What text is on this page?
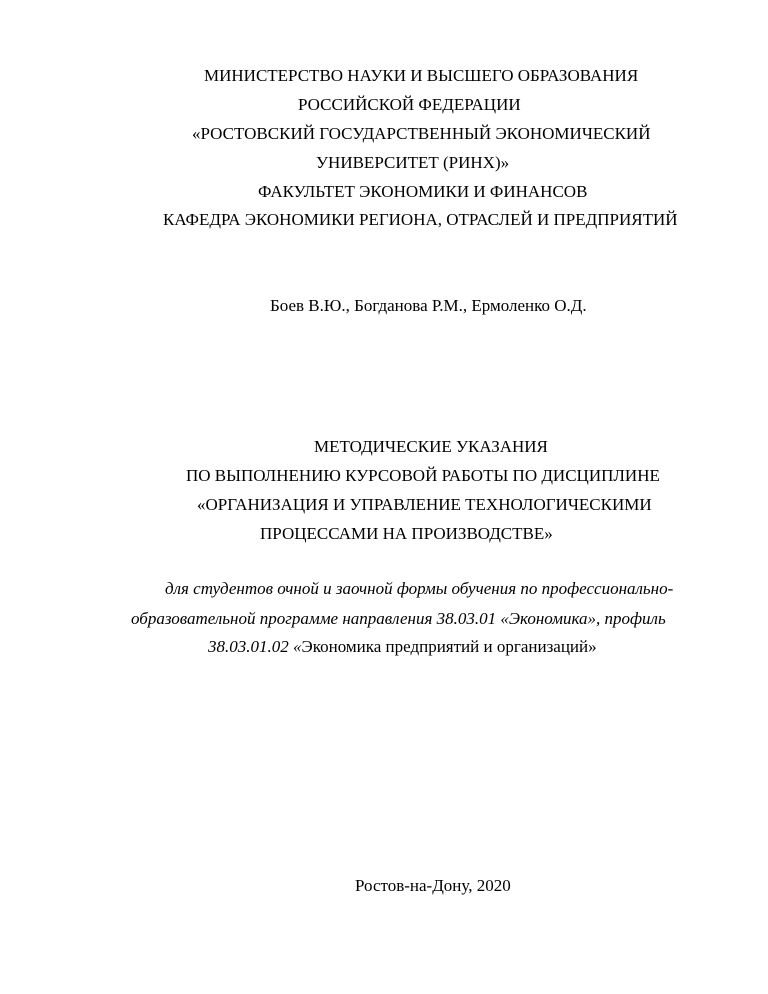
МИНИСТЕРСТВО НАУКИ И ВЫСШЕГО ОБРАЗОВАНИЯ
РОССИЙСКОЙ ФЕДЕРАЦИИ
«РОСТОВСКИЙ ГОСУДАРСТВЕННЫЙ ЭКОНОМИЧЕСКИЙ
УНИВЕРСИТЕТ (РИНХ)»
ФАКУЛЬТЕТ ЭКОНОМИКИ И ФИНАНСОВ
КАФЕДРА ЭКОНОМИКИ РЕГИОНА, ОТРАСЛЕЙ И ПРЕДПРИЯТИЙ
Боев В.Ю., Богданова Р.М., Ермоленко О.Д.
МЕТОДИЧЕСКИЕ УКАЗАНИЯ
ПО ВЫПОЛНЕНИЮ КУРСОВОЙ РАБОТЫ ПО ДИСЦИПЛИНЕ
«ОРГАНИЗАЦИЯ И УПРАВЛЕНИЕ ТЕХНОЛОГИЧЕСКИМИ
ПРОЦЕССАМИ НА ПРОИЗВОДСТВЕ»
для студентов очной и заочной формы обучения по профессионально-
образовательной программе направления 38.03.01 «Экономика», профиль
38.03.01.02 «Экономика предприятий и организаций»
Ростов-на-Дону, 2020
